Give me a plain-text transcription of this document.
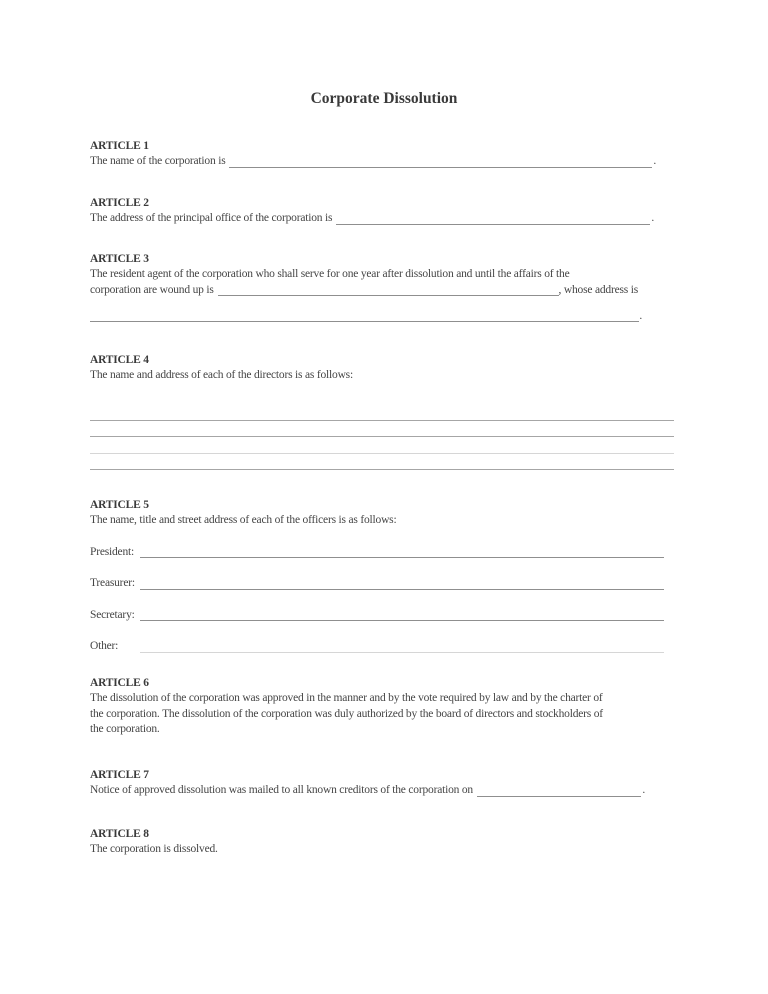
Corporate Dissolution
ARTICLE 1
The name of the corporation is	.
ARTICLE 2
The address of the principal office of the corporation is	.
ARTICLE 3
The resident agent of the corporation who shall serve for one year after dissolution and until the affairs of the
corporation are wound up is	, whose address is
.
ARTICLE 4
The name and address of each of the directors is as follows:
ARTICLE 5
The name, title and street address of each of the officers is as follows:
President:
Treasurer:
Secretary:
Other:
ARTICLE 6
The dissolution of the corporation was approved in the manner and by the vote required by law and by the charter of
the corporation. The dissolution of the corporation was duly authorized by the board of directors and stockholders of
the corporation.
ARTICLE 7
Notice of approved dissolution was mailed to all known creditors of the corporation on	.
ARTICLE 8
The corporation is dissolved.
